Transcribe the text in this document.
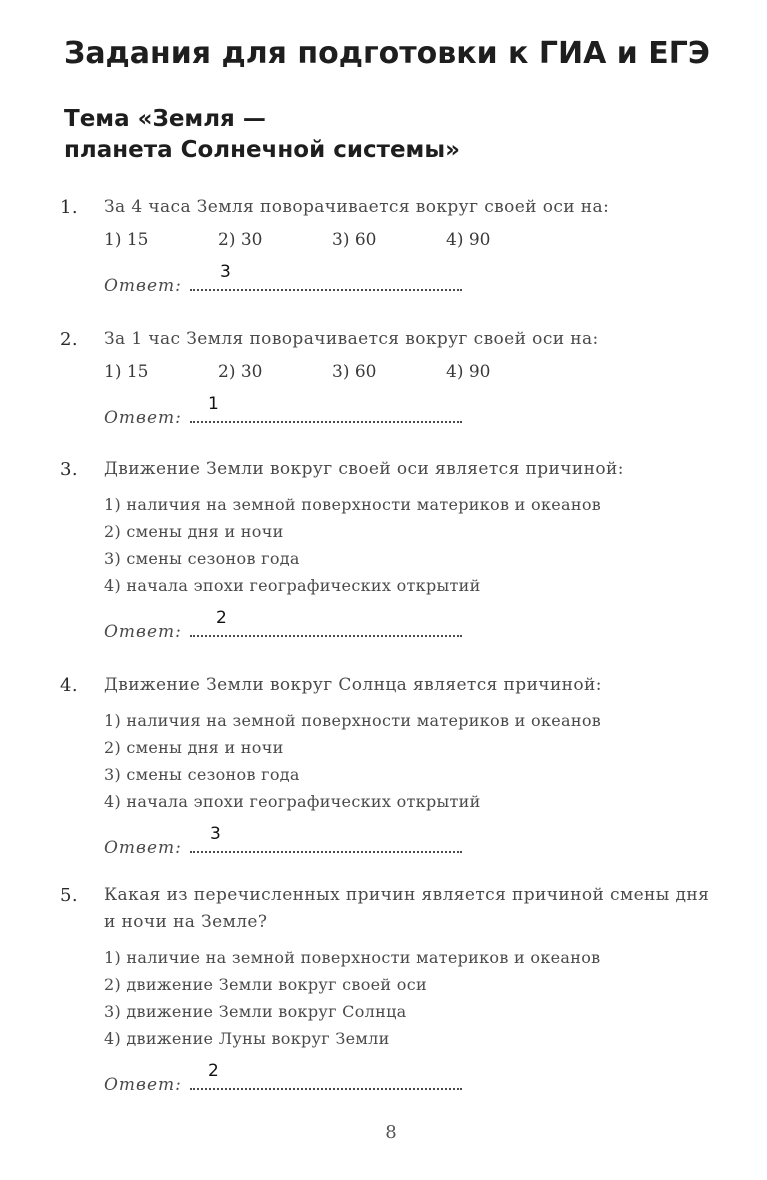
Задания для подготовки к ГИА и ЕГЭ
Тема «Земля —
планета Солнечной системы»
1. За 4 часа Земля поворачивается вокруг своей оси на:
1) 15	2) 30	3) 60	4) 90
Ответ:
3
2. За 1 час Земля поворачивается вокруг своей оси на:
1) 15	2) 30	3) 60	4) 90
Ответ:
1
3. Движение Земли вокруг своей оси является причиной:
1) наличия на земной поверхности материков и океанов
2) смены дня и ночи
3) смены сезонов года
4) начала эпохи географических открытий
Ответ:
2
4. Движение Земли вокруг Солнца является причиной:
1) наличия на земной поверхности материков и океанов
2) смены дня и ночи
3) смены сезонов года
4) начала эпохи географических открытий
Ответ:
3
5. Какая из перечисленных причин является причиной смены дня и ночи на Земле?
1) наличие на земной поверхности материков и океанов
2) движение Земли вокруг своей оси
3) движение Земли вокруг Солнца
4) движение Луны вокруг Земли
Ответ:
2
8
